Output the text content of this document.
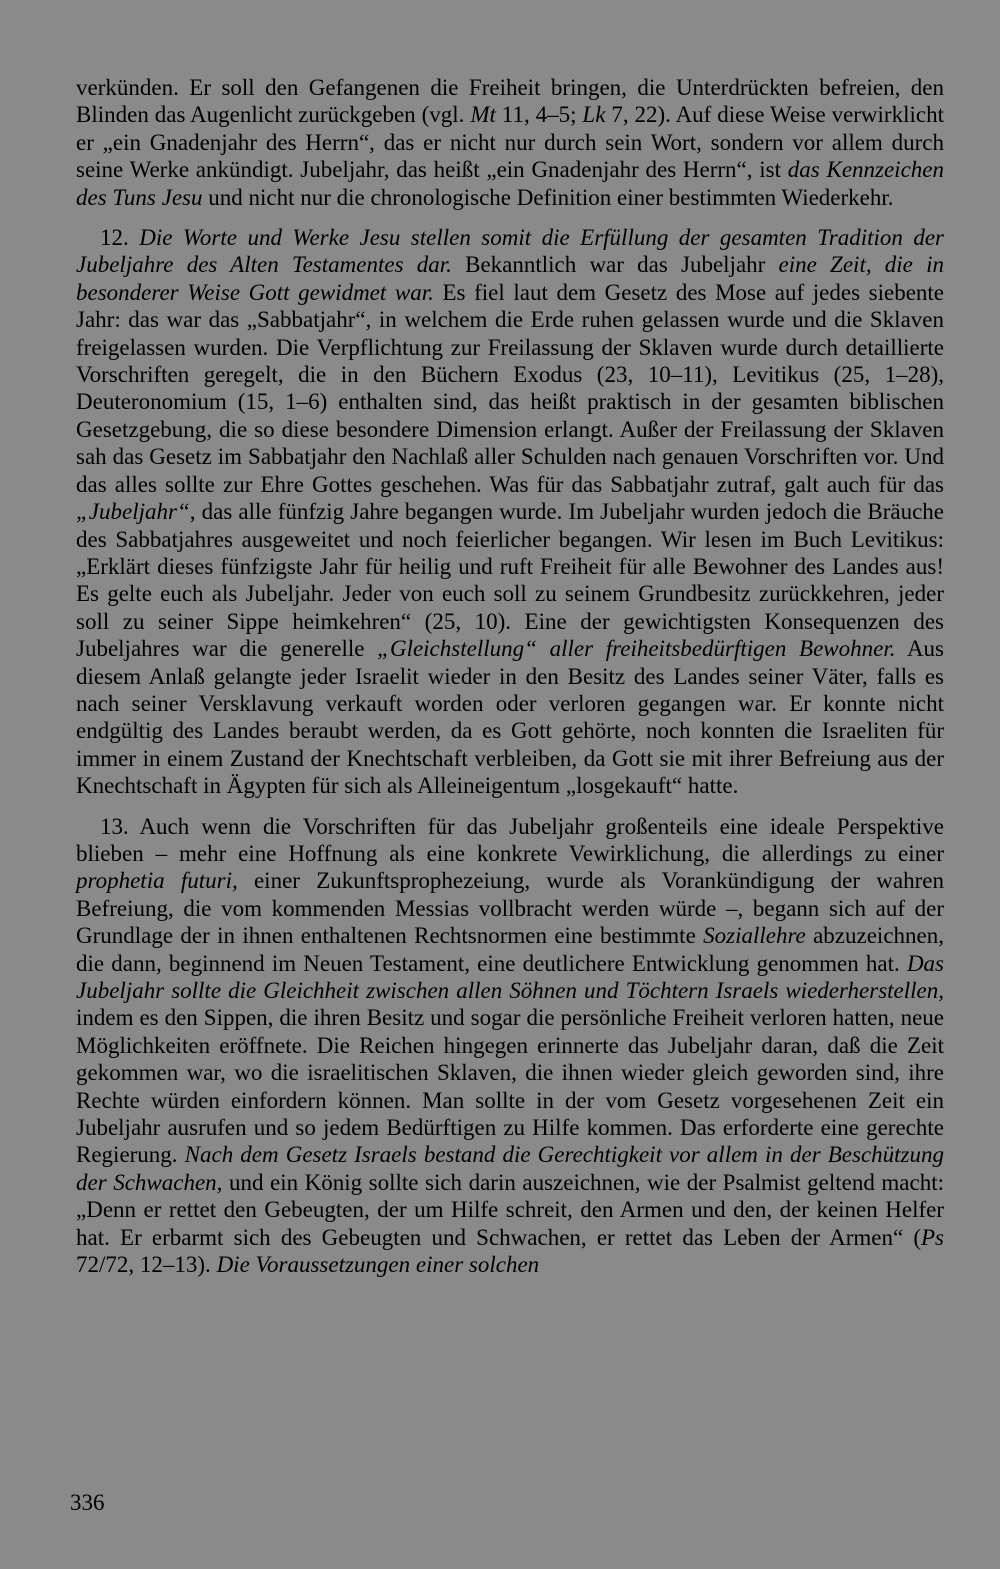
verkünden. Er soll den Gefangenen die Freiheit bringen, die Unterdrückten befreien, den Blinden das Augenlicht zurückgeben (vgl. Mt 11, 4–5; Lk 7, 22). Auf diese Weise verwirklicht er „ein Gnadenjahr des Herrn“, das er nicht nur durch sein Wort, sondern vor allem durch seine Werke ankündigt. Jubeljahr, das heißt „ein Gnadenjahr des Herrn“, ist das Kennzeichen des Tuns Jesu und nicht nur die chronologische Definition einer bestimmten Wiederkehr.

12. Die Worte und Werke Jesu stellen somit die Erfüllung der gesamten Tradition der Jubeljahre des Alten Testamentes dar. Bekanntlich war das Jubeljahr eine Zeit, die in besonderer Weise Gott gewidmet war. Es fiel laut dem Gesetz des Mose auf jedes siebente Jahr: das war das „Sabbatjahr“, in welchem die Erde ruhen gelassen wurde und die Sklaven freigelassen wurden. Die Verpflichtung zur Freilassung der Sklaven wurde durch detaillierte Vorschriften geregelt, die in den Büchern Exodus (23, 10–11), Levitikus (25, 1–28), Deuteronomium (15, 1–6) enthalten sind, das heißt praktisch in der gesamten biblischen Gesetzgebung, die so diese besondere Dimension erlangt. Außer der Freilassung der Sklaven sah das Gesetz im Sabbatjahr den Nachlaß aller Schulden nach genauen Vorschriften vor. Und das alles sollte zur Ehre Gottes geschehen. Was für das Sabbatjahr zutraf, galt auch für das „Jubeljahr“, das alle fünfzig Jahre begangen wurde. Im Jubeljahr wurden jedoch die Bräuche des Sabbatjahres ausgeweitet und noch feierlicher begangen. Wir lesen im Buch Levitikus: „Erklärt dieses fünfzigste Jahr für heilig und ruft Freiheit für alle Bewohner des Landes aus! Es gelte euch als Jubeljahr. Jeder von euch soll zu seinem Grundbesitz zurückkehren, jeder soll zu seiner Sippe heimkehren“ (25, 10). Eine der gewichtigsten Konsequenzen des Jubeljahres war die generelle „Gleichstellung“ aller freiheitsbedürftigen Bewohner. Aus diesem Anlaß gelangte jeder Israelit wieder in den Besitz des Landes seiner Väter, falls es nach seiner Versklavung verkauft worden oder verloren gegangen war. Er konnte nicht endgültig des Landes beraubt werden, da es Gott gehörte, noch konnten die Israeliten für immer in einem Zustand der Knechtschaft verbleiben, da Gott sie mit ihrer Befreiung aus der Knechtschaft in Ägypten für sich als Alleineigentum „losgekauft“ hatte.

13. Auch wenn die Vorschriften für das Jubeljahr großenteils eine ideale Perspektive blieben – mehr eine Hoffnung als eine konkrete Vewirklichung, die allerdings zu einer prophetia futuri, einer Zukunftsprophezeiung, wurde als Vorankündigung der wahren Befreiung, die vom kommenden Messias vollbracht werden würde –, begann sich auf der Grundlage der in ihnen enthaltenen Rechtsnormen eine bestimmte Soziallehre abzuzeichnen, die dann, beginnend im Neuen Testament, eine deutlichere Entwicklung genommen hat. Das Jubeljahr sollte die Gleichheit zwischen allen Söhnen und Töchtern Israels wiederherstellen, indem es den Sippen, die ihren Besitz und sogar die persönliche Freiheit verloren hatten, neue Möglichkeiten eröffnete. Die Reichen hingegen erinnerte das Jubeljahr daran, daß die Zeit gekommen war, wo die israelitischen Sklaven, die ihnen wieder gleich geworden sind, ihre Rechte würden einfordern können. Man sollte in der vom Gesetz vorgesehenen Zeit ein Jubeljahr ausrufen und so jedem Bedürftigen zu Hilfe kommen. Das erforderte eine gerechte Regierung. Nach dem Gesetz Israels bestand die Gerechtigkeit vor allem in der Beschützung der Schwachen, und ein König sollte sich darin auszeichnen, wie der Psalmist geltend macht: „Denn er rettet den Gebeugten, der um Hilfe schreit, den Armen und den, der keinen Helfer hat. Er erbarmt sich des Gebeugten und Schwachen, er rettet das Leben der Armen“ (Ps 72/72, 12–13). Die Voraussetzungen einer solchen

336
